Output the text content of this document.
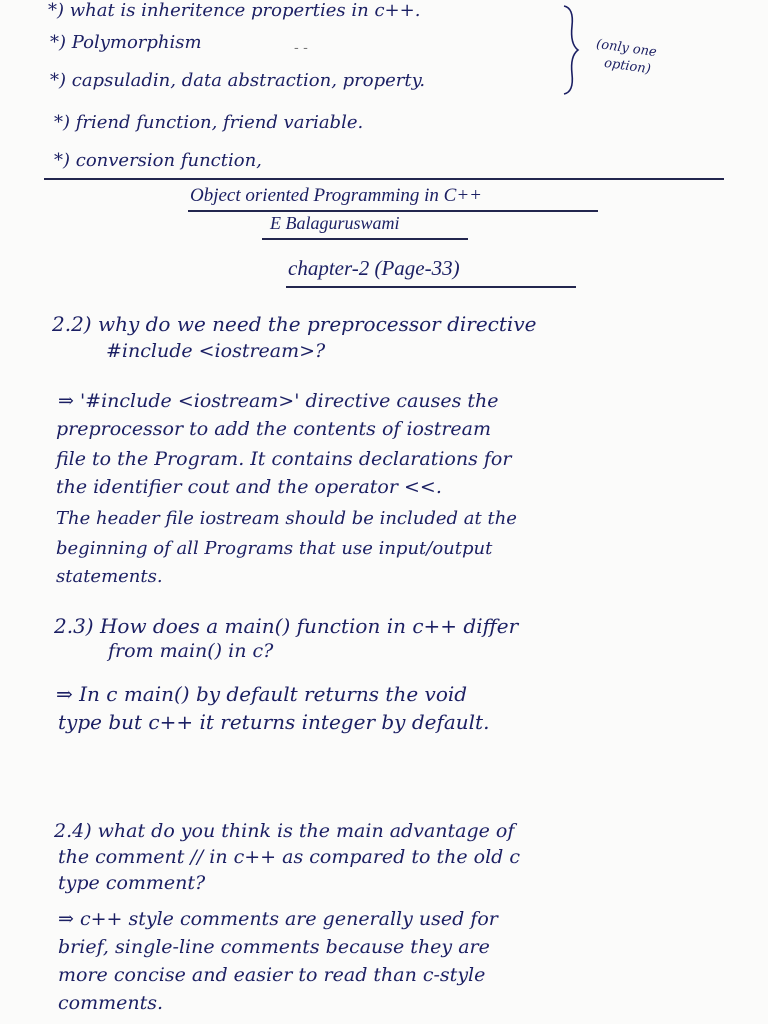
*) what is inheritence properties in c++.
*) Polymorphism	- -
*) capsuladin, data abstraction, property.
*) friend function, friend variable.
*) conversion function,
(only one
option)
Object oriented Programming in C++
E Balaguruswami
chapter-2 (Page-33)
2.2) why do we need the preprocessor directive
#include <iostream>?
⇒ '#include <iostream>' directive causes the
preprocessor to add the contents of iostream
file to the Program. It contains declarations for
the identifier cout and the operator <<.
The header file iostream should be included at the
beginning of all Programs that use input/output
statements.
2.3) How does a main() function in c++ differ
from main() in c?
⇒ In c main() by default returns the void
type but c++ it returns integer by default.
2.4) what do you think is the main advantage of
the comment // in c++ as compared to the old c
type comment?
⇒ c++ style comments are generally used for
brief, single-line comments because they are
more concise and easier to read than c-style
comments.
